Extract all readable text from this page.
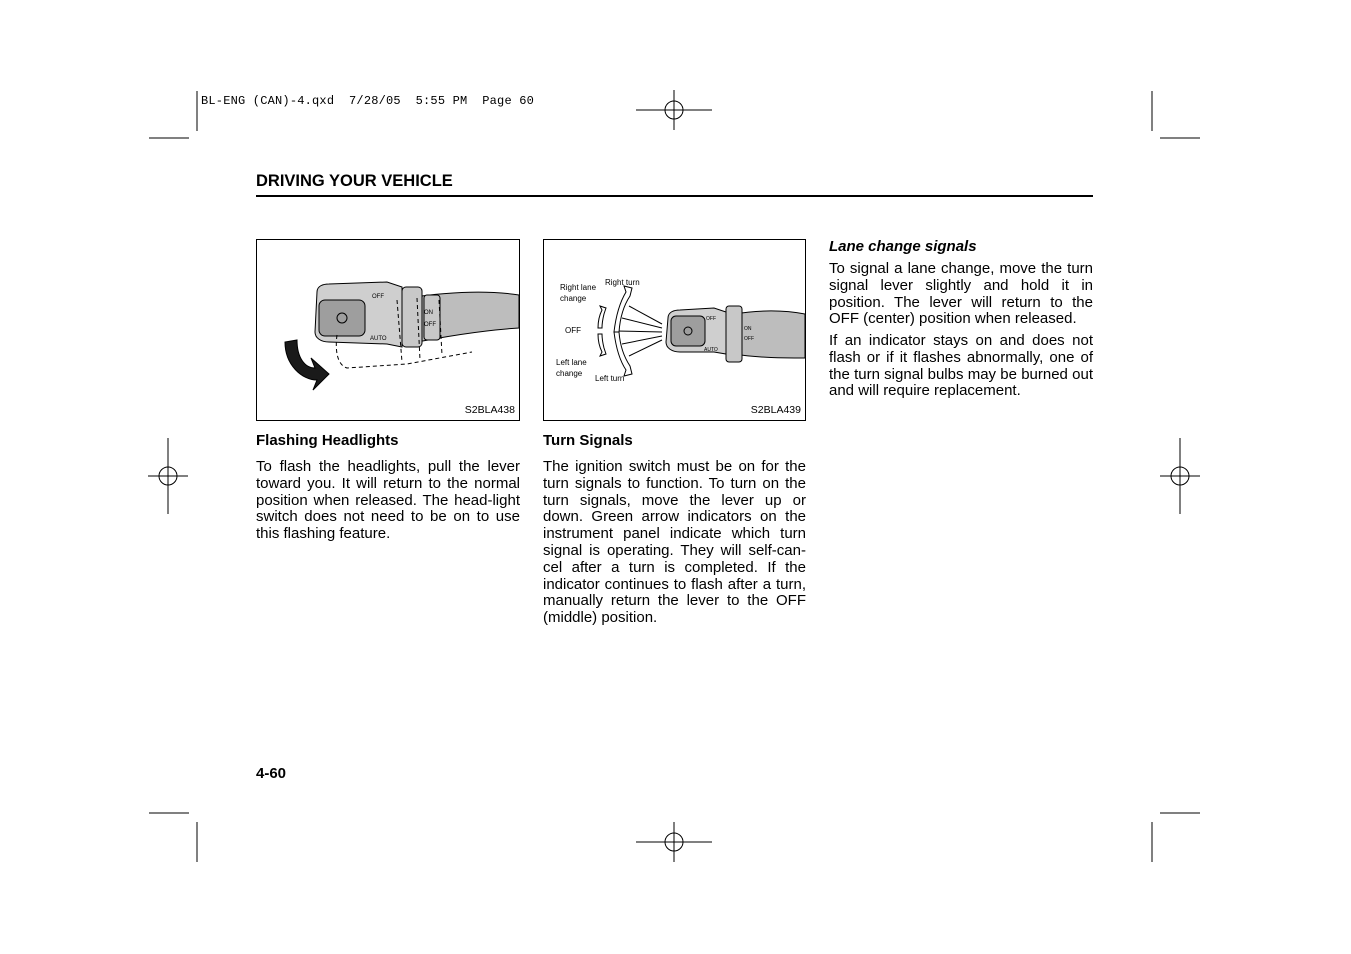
BL-ENG (CAN)-4.qxd  7/28/05  5:55 PM  Page 60
DRIVING YOUR VEHICLE
OFF
ON
OFF
AUTO
S2BLA438
Right lane
change
Right turn
OFF
Left lane
change
Left turn
OFF
ON
OFF
AUTO
S2BLA439
Flashing Headlights

To flash the headlights, pull the lever toward you. It will return to the normal position when released. The head-light switch does not need to be on to use this flashing feature.

Turn Signals

The ignition switch must be on for the turn signals to function. To turn on the turn signals, move the lever up or down. Green arrow indicators on the instrument panel indicate which turn signal is operating. They will self-can-cel after a turn is completed. If the indicator continues to flash after a turn, manually return the lever to the OFF (middle) position.

Lane change signals

To signal a lane change, move the turn signal lever slightly and hold it in position. The lever will return to the OFF (center) position when released.

If an indicator stays on and does not flash or if it flashes abnormally, one of the turn signal bulbs may be burned out and will require replacement.

4-60
